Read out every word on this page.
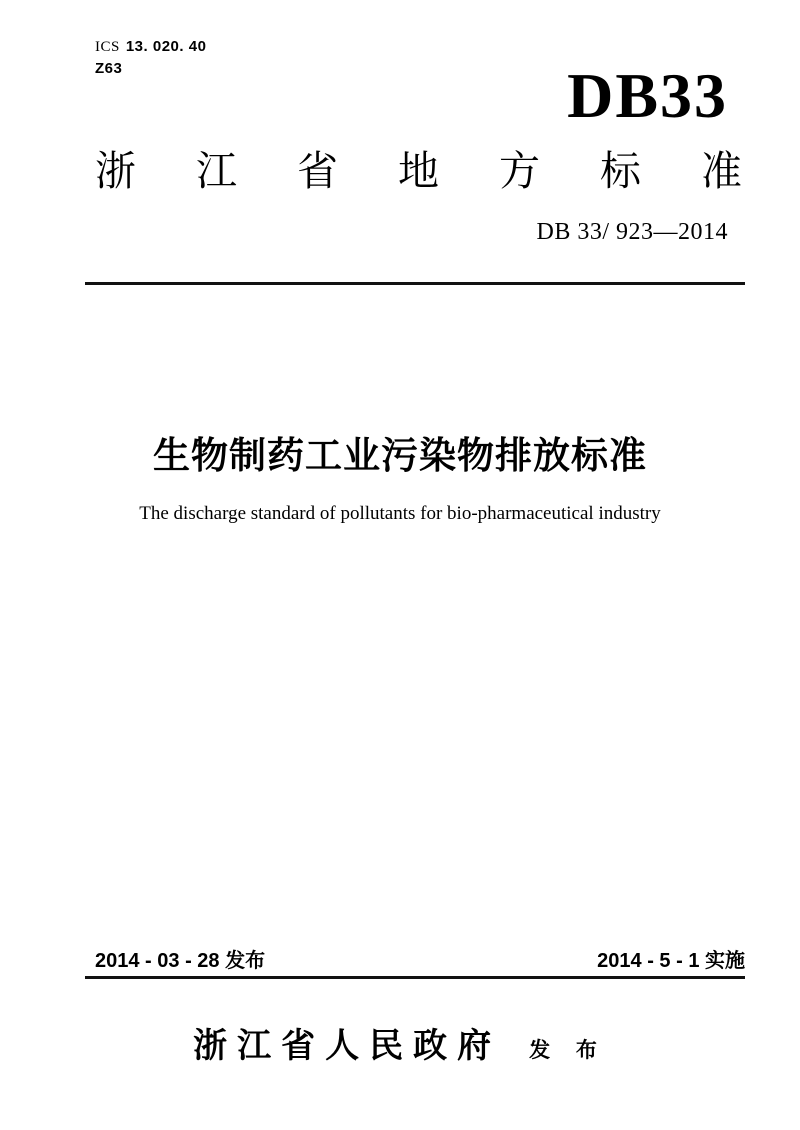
ICS 13. 020. 40
Z63	DB33
浙 江 省 地 方 标 准
DB 33/ 923—2014
生物制药工业污染物排放标准
The discharge standard of pollutants for bio-pharmaceutical industry
2014 - 03 - 28 发布	2014 - 5 - 1 实施
浙江省人民政府 发 布
